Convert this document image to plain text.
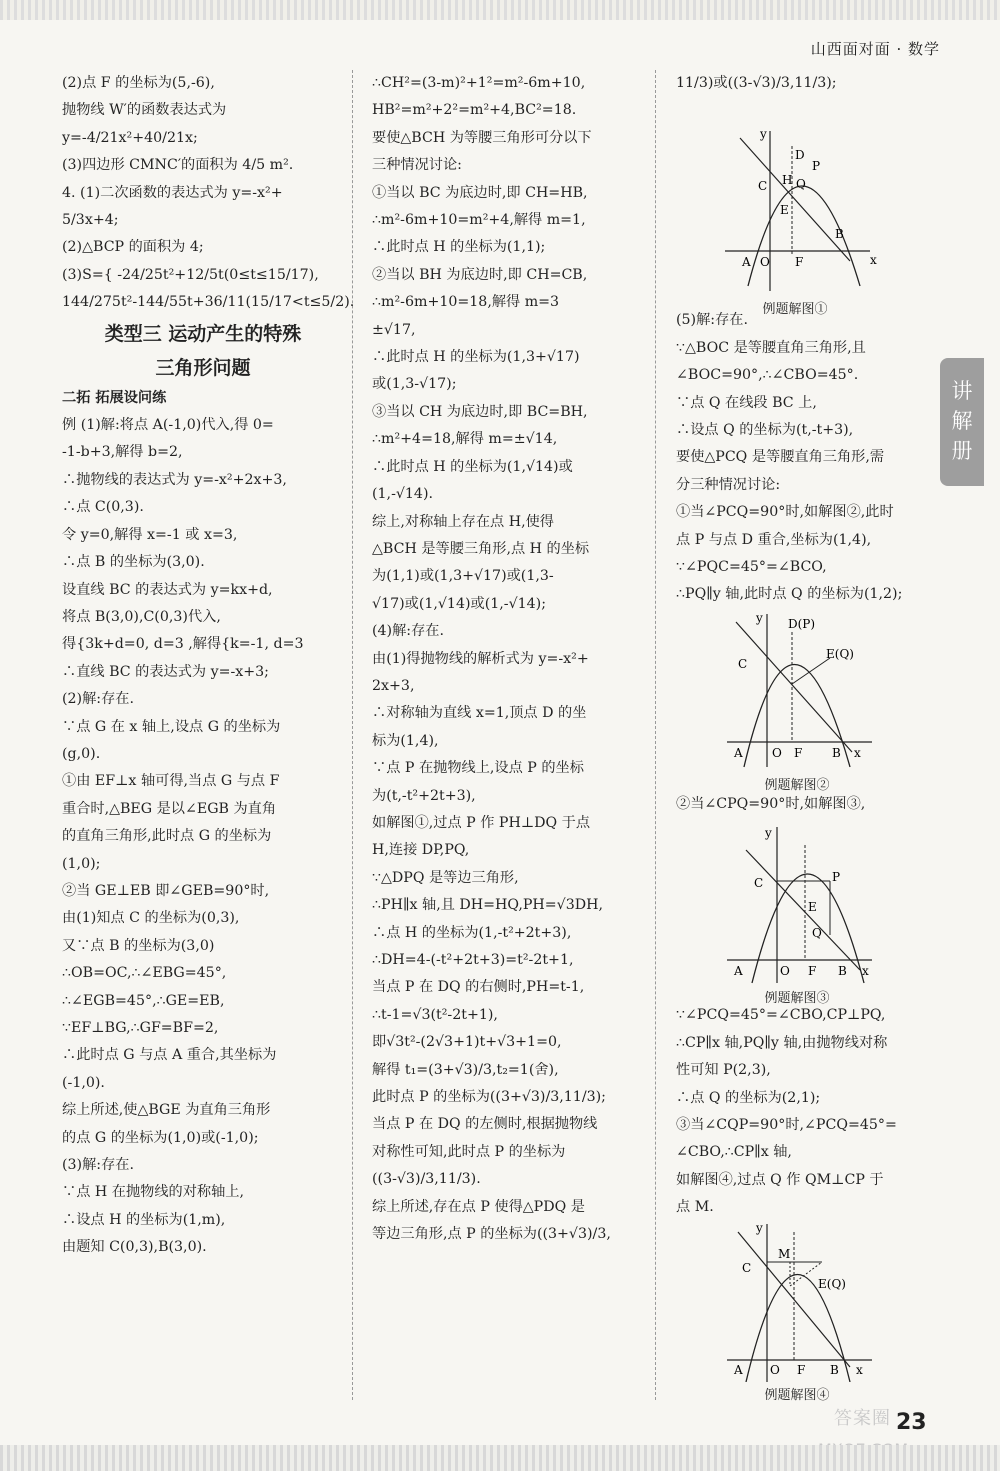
山西面对面 · 数学
讲
解
册
(2)点 F 的坐标为(5,-6),
抛物线 W′的函数表达式为
y=-4/21x²+40/21x;
(3)四边形 CMNC′的面积为 4/5 m².
4. (1)二次函数的表达式为 y=-x²+
5/3x+4;
(2)△BCP 的面积为 4;
(3)S={ -24/25t²+12/5t(0≤t≤15/17),
144/275t²-144/55t+36/11(15/17<t≤5/2).
类型三 运动产生的特殊
三角形问题
二拓 拓展设问练
例 (1)解:将点 A(-1,0)代入,得 0=
-1-b+3,解得 b=2,
∴抛物线的表达式为 y=-x²+2x+3,
∴点 C(0,3).
令 y=0,解得 x=-1 或 x=3,
∴点 B 的坐标为(3,0).
设直线 BC 的表达式为 y=kx+d,
将点 B(3,0),C(0,3)代入,
得{3k+d=0, d=3 ,解得{k=-1, d=3
∴直线 BC 的表达式为 y=-x+3;
(2)解:存在.
∵点 G 在 x 轴上,设点 G 的坐标为
(g,0).
①由 EF⊥x 轴可得,当点 G 与点 F
重合时,△BEG 是以∠EGB 为直角
的直角三角形,此时点 G 的坐标为
(1,0);
②当 GE⊥EB 即∠GEB=90°时,
由(1)知点 C 的坐标为(0,3),
又∵点 B 的坐标为(3,0)
∴OB=OC,∴∠EBG=45°,
∴∠EGB=45°,∴GE=EB,
∵EF⊥BG,∴GF=BF=2,
∴此时点 G 与点 A 重合,其坐标为
(-1,0).
综上所述,使△BGE 为直角三角形
的点 G 的坐标为(1,0)或(-1,0);
(3)解:存在.
∵点 H 在抛物线的对称轴上,
∴设点 H 的坐标为(1,m),
由题知 C(0,3),B(3,0).
∴CH²=(3-m)²+1²=m²-6m+10,
HB²=m²+2²=m²+4,BC²=18.
要使△BCH 为等腰三角形可分以下
三种情况讨论:
①当以 BC 为底边时,即 CH=HB,
∴m²-6m+10=m²+4,解得 m=1,
∴此时点 H 的坐标为(1,1);
②当以 BH 为底边时,即 CH=CB,
∴m²-6m+10=18,解得 m=3
±√17,
∴此时点 H 的坐标为(1,3+√17)
或(1,3-√17);
③当以 CH 为底边时,即 BC=BH,
∴m²+4=18,解得 m=±√14,
∴此时点 H 的坐标为(1,√14)或
(1,-√14).
综上,对称轴上存在点 H,使得
△BCH 是等腰三角形,点 H 的坐标
为(1,1)或(1,3+√17)或(1,3-
√17)或(1,√14)或(1,-√14);
(4)解:存在.
由(1)得抛物线的解析式为 y=-x²+
2x+3,
∴对称轴为直线 x=1,顶点 D 的坐
标为(1,4),
∵点 P 在抛物线上,设点 P 的坐标
为(t,-t²+2t+3),
如解图①,过点 P 作 PH⊥DQ 于点
H,连接 DP,PQ,
∵△DPQ 是等边三角形,
∴PH∥x 轴,且 DH=HQ,PH=√3DH,
∴点 H 的坐标为(1,-t²+2t+3),
∴DH=4-(-t²+2t+3)=t²-2t+1,
当点 P 在 DQ 的右侧时,PH=t-1,
∴t-1=√3(t²-2t+1),
即√3t²-(2√3+1)t+√3+1=0,
解得 t₁=(3+√3)/3,t₂=1(舍),
此时点 P 的坐标为((3+√3)/3,11/3);
当点 P 在 DQ 的左侧时,根据抛物线
对称性可知,此时点 P 的坐标为
((3-√3)/3,11/3).
综上所述,存在点 P 使得△PDQ 是
等边三角形,点 P 的坐标为((3+√3)/3,
11/3)或((3-√3)/3,11/3);
(5)解:存在.
∵△BOC 是等腰直角三角形,且
∠BOC=90°,∴∠CBO=45°.
∵点 Q 在线段 BC 上,
∴设点 Q 的坐标为(t,-t+3),
要使△PCQ 是等腰直角三角形,需
分三种情况讨论:
①当∠PCQ=90°时,如解图②,此时
点 P 与点 D 重合,坐标为(1,4),
∵∠PQC=45°=∠BCO,
∴PQ∥y 轴,此时点 Q 的坐标为(1,2);
②当∠CPQ=90°时,如解图③,
∵∠PCQ=45°=∠CBO,CP⊥PQ,
∴CP∥x 轴,PQ∥y 轴,由抛物线对称
性可知 P(2,3),
∴点 Q 的坐标为(2,1);
③当∠CQP=90°时,∠PCQ=45°=
∠CBO,∴CP∥x 轴,
如解图④,过点 Q 作 QM⊥CP 于
点 M.
y
D
P
C H Q
E
B
A O F	x
例题解图①
y D(P)
C
E(Q)
A O F B x
例题解图②
y
C	P
E
Q
A	O F B x
例题解图③
y
C
M
E(Q)
A O F B x
例题解图④
答案圈 23
